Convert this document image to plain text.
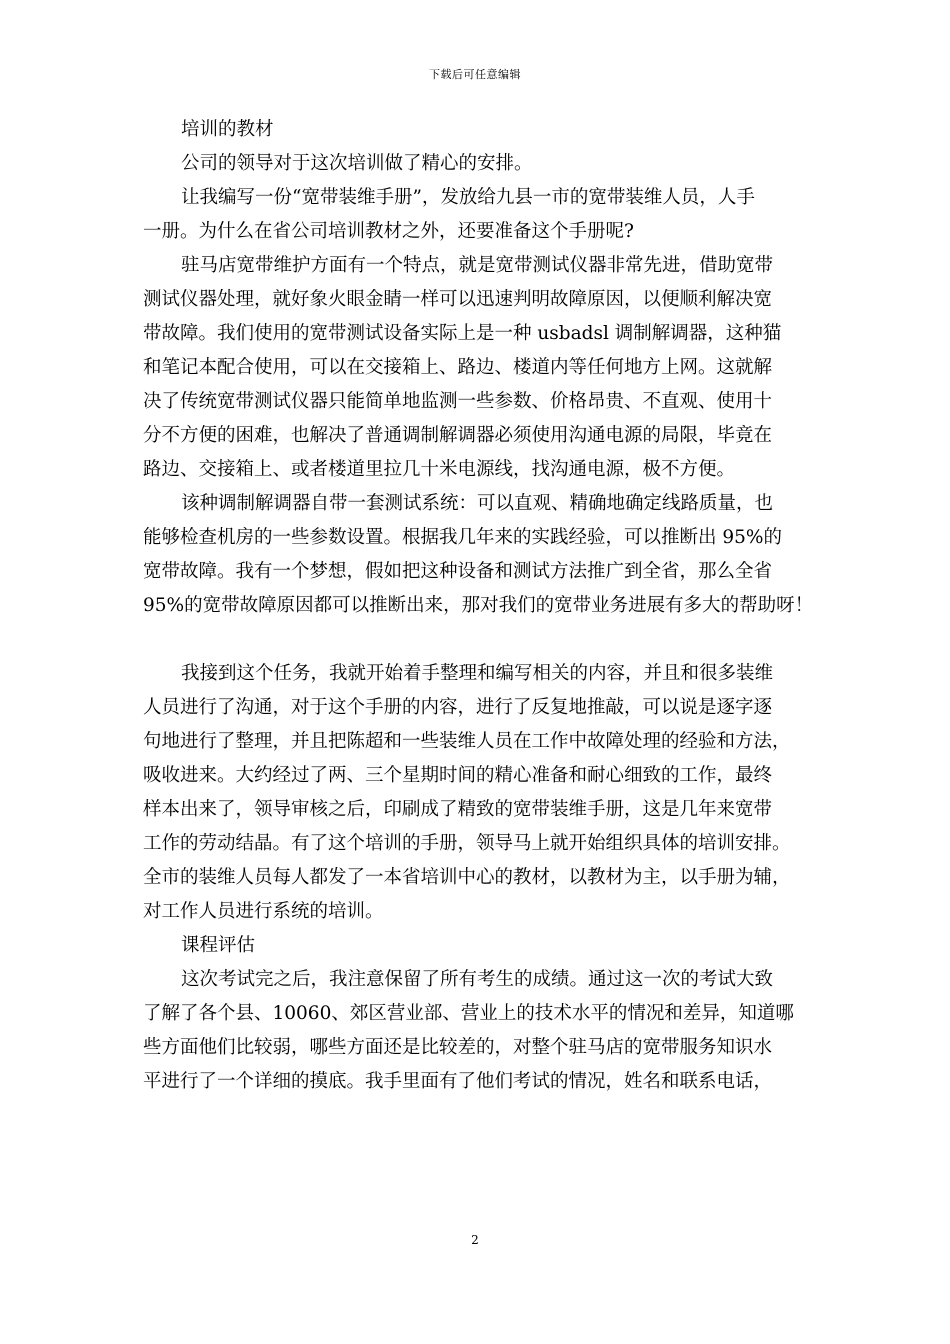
下载后可任意编辑
培训的教材
公司的领导对于这次培训做了精心的安排。
让我编写一份“宽带装维手册”，发放给九县一市的宽带装维人员，人手
一册。为什么在省公司培训教材之外，还要准备这个手册呢?
驻马店宽带维护方面有一个特点，就是宽带测试仪器非常先进，借助宽带
测试仪器处理，就好象火眼金睛一样可以迅速判明故障原因，以便顺利解决宽
带故障。我们使用的宽带测试设备实际上是一种 usbadsl 调制解调器，这种猫
和笔记本配合使用，可以在交接箱上、路边、楼道内等任何地方上网。这就解
决了传统宽带测试仪器只能简单地监测一些参数、价格昂贵、不直观、使用十
分不方便的困难，也解决了普通调制解调器必须使用沟通电源的局限，毕竟在
路边、交接箱上、或者楼道里拉几十米电源线，找沟通电源，极不方便。
该种调制解调器自带一套测试系统：可以直观、精确地确定线路质量，也
能够检查机房的一些参数设置。根据我几年来的实践经验，可以推断出 95%的
宽带故障。我有一个梦想，假如把这种设备和测试方法推广到全省，那么全省
95%的宽带故障原因都可以推断出来，那对我们的宽带业务进展有多大的帮助呀！
我接到这个任务，我就开始着手整理和编写相关的内容，并且和很多装维
人员进行了沟通，对于这个手册的内容，进行了反复地推敲，可以说是逐字逐
句地进行了整理，并且把陈超和一些装维人员在工作中故障处理的经验和方法，
吸收进来。大约经过了两、三个星期时间的精心准备和耐心细致的工作，最终
样本出来了，领导审核之后，印刷成了精致的宽带装维手册，这是几年来宽带
工作的劳动结晶。有了这个培训的手册，领导马上就开始组织具体的培训安排。
全市的装维人员每人都发了一本省培训中心的教材，以教材为主，以手册为辅，
对工作人员进行系统的培训。
课程评估
这次考试完之后，我注意保留了所有考生的成绩。通过这一次的考试大致
了解了各个县、10060、郊区营业部、营业上的技术水平的情况和差异，知道哪
些方面他们比较弱，哪些方面还是比较差的，对整个驻马店的宽带服务知识水
平进行了一个详细的摸底。我手里面有了他们考试的情况，姓名和联系电话，
2
